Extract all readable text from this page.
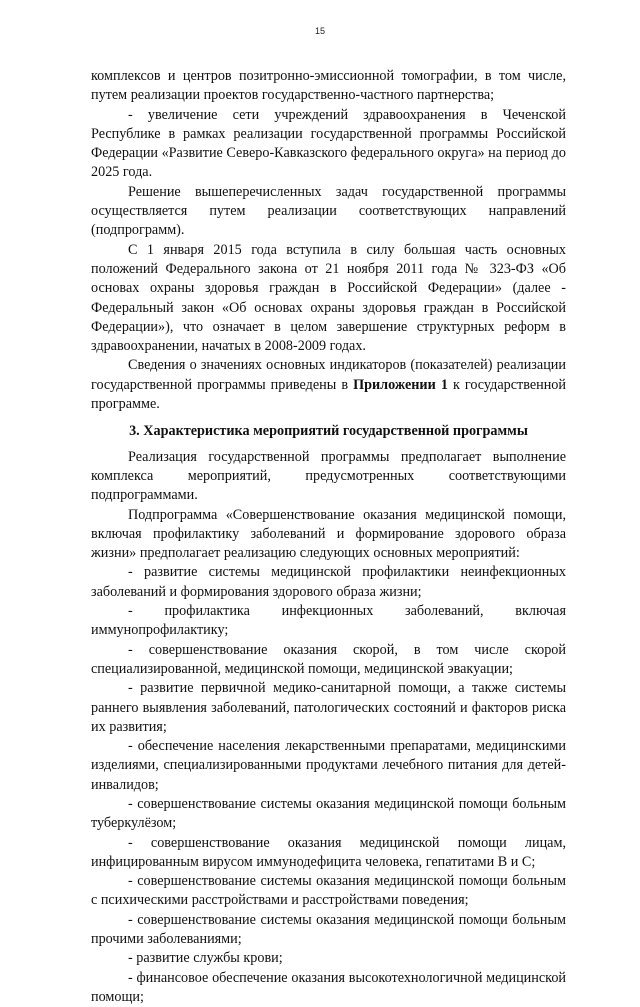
15

комплексов и центров позитронно-эмиссионной томографии, в том числе, путем реализации проектов государственно-частного партнерства;

- увеличение сети учреждений здравоохранения в Чеченской Республике в рамках реализации государственной программы Российской Федерации «Развитие Северо-Кавказского федерального округа» на период до 2025 года.

Решение вышеперечисленных задач государственной программы осуществляется путем реализации соответствующих направлений (подпрограмм).

С 1 января 2015 года вступила в силу большая часть основных положений Федерального закона от 21 ноября 2011 года № 323-ФЗ «Об основах охраны здоровья граждан в Российской Федерации» (далее - Федеральный закон «Об основах охраны здоровья граждан в Российской Федерации»), что означает в целом завершение структурных реформ в здравоохранении, начатых в 2008-2009 годах.

Сведения о значениях основных индикаторов (показателей) реализации государственной программы приведены в Приложении 1 к государственной программе.

3. Характеристика мероприятий государственной программы

Реализация государственной программы предполагает выполнение комплекса мероприятий, предусмотренных соответствующими подпрограммами.

Подпрограмма «Совершенствование оказания медицинской помощи, включая профилактику заболеваний и формирование здорового образа жизни» предполагает реализацию следующих основных мероприятий:

- развитие системы медицинской профилактики неинфекционных заболеваний и формирования здорового образа жизни;

- профилактика инфекционных заболеваний, включая иммунопрофилактику;

- совершенствование оказания скорой, в том числе скорой специализированной, медицинской помощи, медицинской эвакуации;

- развитие первичной медико-санитарной помощи, а также системы раннего выявления заболеваний, патологических состояний и факторов риска их развития;

- обеспечение населения лекарственными препаратами, медицинскими изделиями, специализированными продуктами лечебного питания для детей-инвалидов;

- совершенствование системы оказания медицинской помощи больным туберкулёзом;

- совершенствование оказания медицинской помощи лицам, инфицированным вирусом иммунодефицита человека, гепатитами B и C;

- совершенствование системы оказания медицинской помощи больным с психическими расстройствами и расстройствами поведения;

- совершенствование системы оказания медицинской помощи больным прочими заболеваниями;

- развитие службы крови;

- финансовое обеспечение оказания высокотехнологичной медицинской помощи;
